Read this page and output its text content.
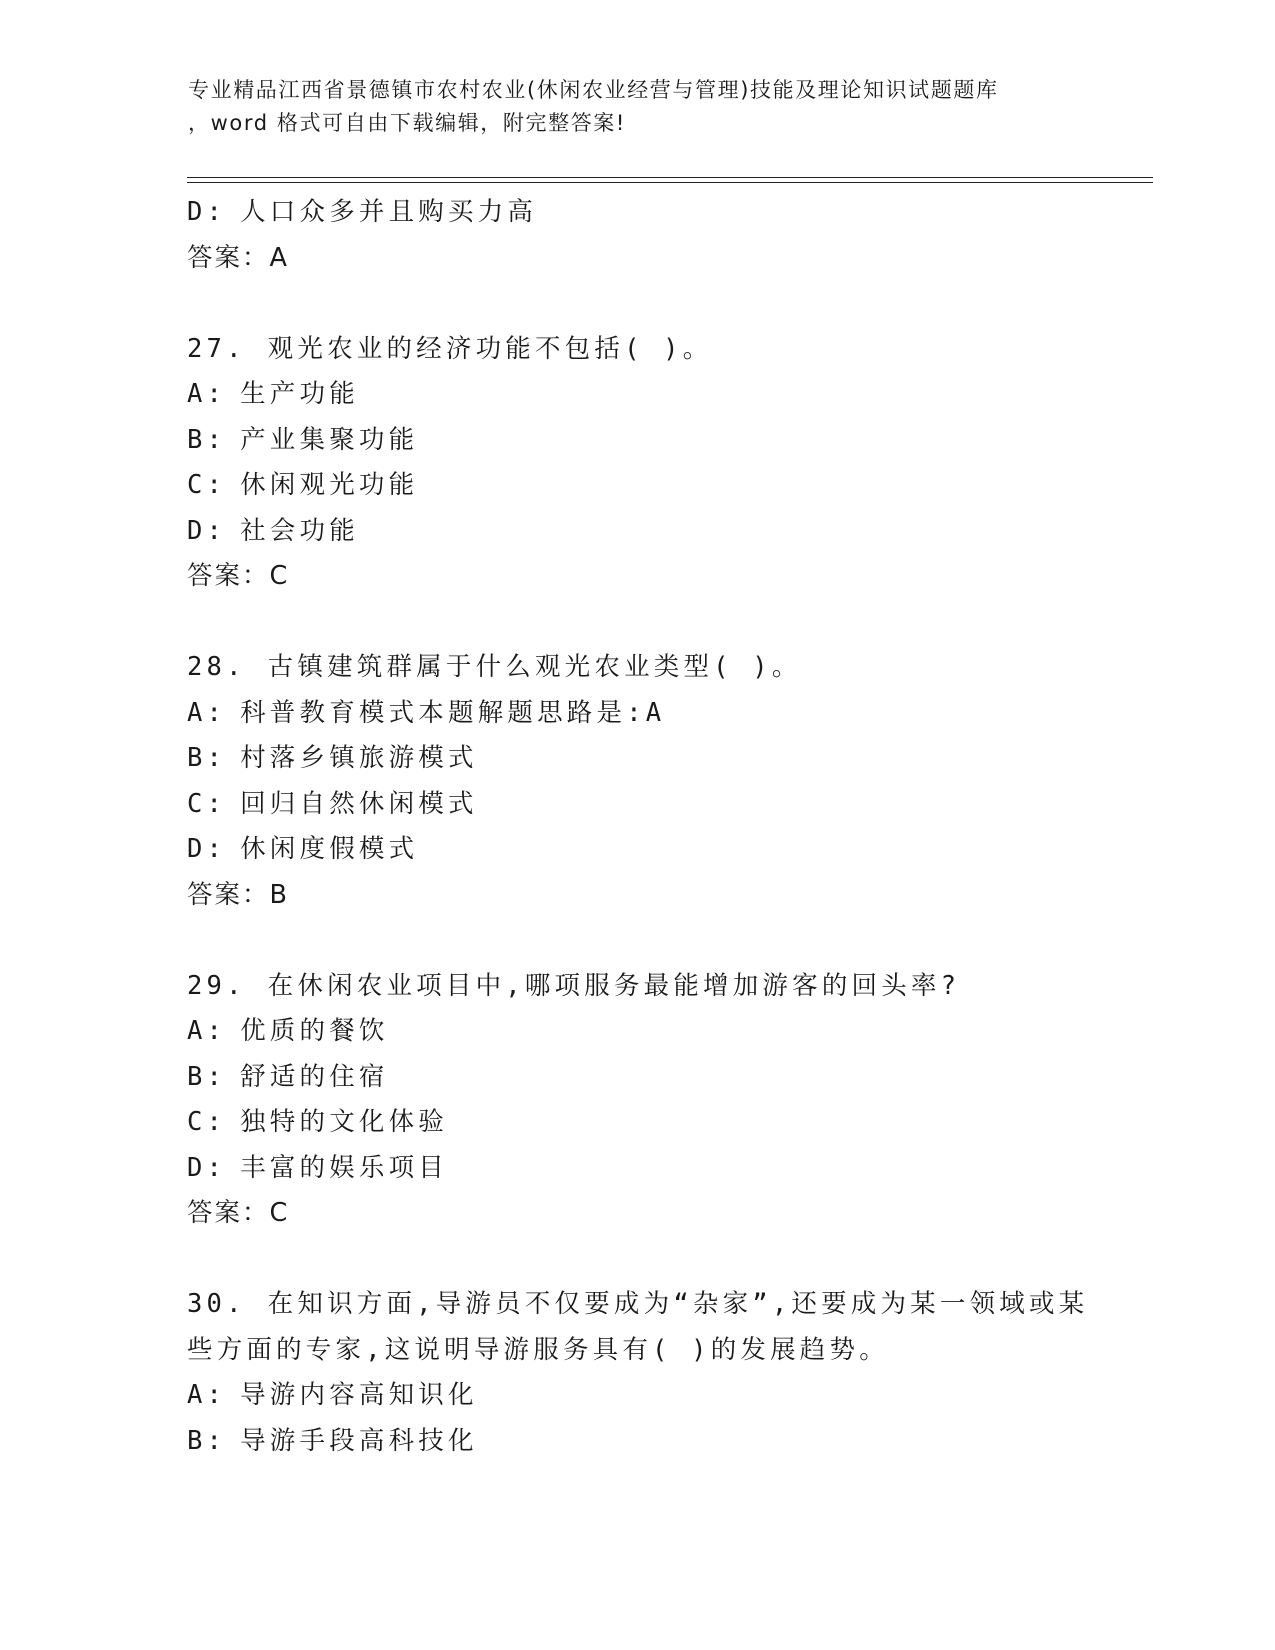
专业精品江西省景德镇市农村农业(休闲农业经营与管理)技能及理论知识试题题库
，word 格式可自由下载编辑，附完整答案!
D: 人口众多并且购买力高
答案：A
27. 观光农业的经济功能不包括( )。
A: 生产功能
B: 产业集聚功能
C: 休闲观光功能
D: 社会功能
答案：C
28. 古镇建筑群属于什么观光农业类型( )。
A: 科普教育模式本题解题思路是:A
B: 村落乡镇旅游模式
C: 回归自然休闲模式
D: 休闲度假模式
答案：B
29. 在休闲农业项目中,哪项服务最能增加游客的回头率?
A: 优质的餐饮
B: 舒适的住宿
C: 独特的文化体验
D: 丰富的娱乐项目
答案：C
30. 在知识方面,导游员不仅要成为“杂家”,还要成为某一领域或某
些方面的专家,这说明导游服务具有( )的发展趋势。
A: 导游内容高知识化
B: 导游手段高科技化
